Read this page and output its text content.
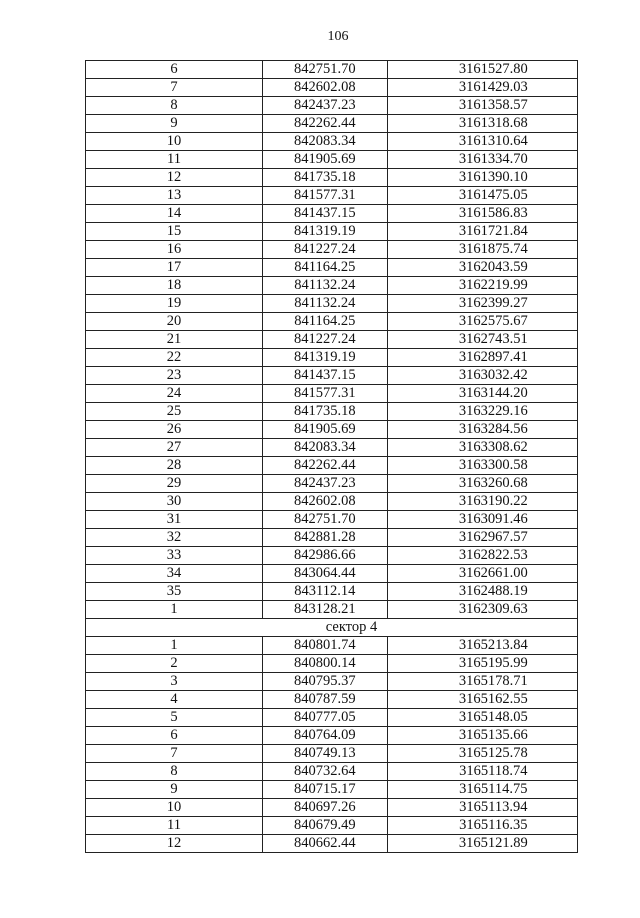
106
6	842751.70	3161527.80
7	842602.08	3161429.03
8	842437.23	3161358.57
9	842262.44	3161318.68
10	842083.34	3161310.64
11	841905.69	3161334.70
12	841735.18	3161390.10
13	841577.31	3161475.05
14	841437.15	3161586.83
15	841319.19	3161721.84
16	841227.24	3161875.74
17	841164.25	3162043.59
18	841132.24	3162219.99
19	841132.24	3162399.27
20	841164.25	3162575.67
21	841227.24	3162743.51
22	841319.19	3162897.41
23	841437.15	3163032.42
24	841577.31	3163144.20
25	841735.18	3163229.16
26	841905.69	3163284.56
27	842083.34	3163308.62
28	842262.44	3163300.58
29	842437.23	3163260.68
30	842602.08	3163190.22
31	842751.70	3163091.46
32	842881.28	3162967.57
33	842986.66	3162822.53
34	843064.44	3162661.00
35	843112.14	3162488.19
1	843128.21	3162309.63
сектор 4		
1	840801.74	3165213.84
2	840800.14	3165195.99
3	840795.37	3165178.71
4	840787.59	3165162.55
5	840777.05	3165148.05
6	840764.09	3165135.66
7	840749.13	3165125.78
8	840732.64	3165118.74
9	840715.17	3165114.75
10	840697.26	3165113.94
11	840679.49	3165116.35
12	840662.44	3165121.89
